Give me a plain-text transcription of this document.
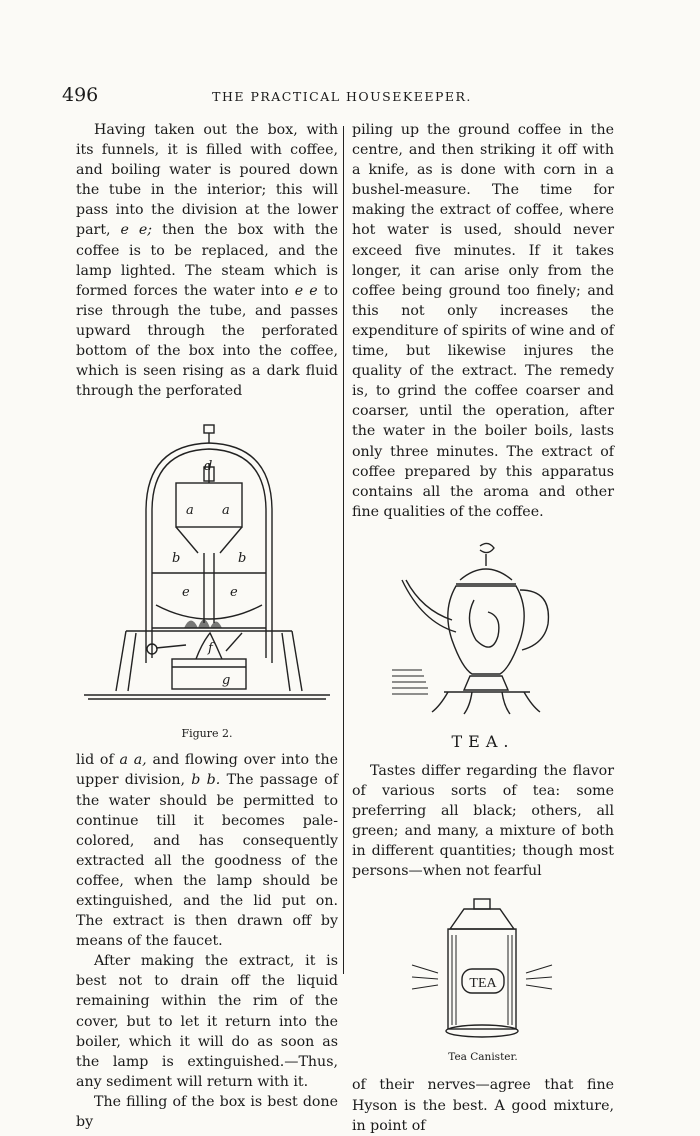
496	THE PRACTICAL HOUSEKEEPER.

Having taken out the box, with its funnels, it is filled with coffee, and boiling water is poured down the tube in the interior; this will pass into the division at the lower part, e e; then the box with the coffee is to be replaced, and the lamp lighted. The steam which is formed forces the water into e e to rise through the tube, and passes upward through the perforated bottom of the box into the coffee, which is seen rising as a dark fluid through the perforated

d
a a
b	b
e	e
f
g
Figure 2.

lid of a a, and flowing over into the upper division, b b. The passage of the water should be permitted to continue till it becomes pale-colored, and has consequently extracted all the goodness of the coffee, when the lamp should be extinguished, and the lid put on. The extract is then drawn off by means of the faucet.

After making the extract, it is best not to drain off the liquid remaining within the rim of the cover, but to let it return into the boiler, which it will do as soon as the lamp is extinguished.—Thus, any sediment will return with it.

The filling of the box is best done by

piling up the ground coffee in the centre, and then striking it off with a knife, as is done with corn in a bushel-measure. The time for making the extract of coffee, where hot water is used, should never exceed five minutes. If it takes longer, it can arise only from the coffee being ground too finely; and this not only increases the expenditure of spirits of wine and of time, but likewise injures the quality of the extract. The remedy is, to grind the coffee coarser and coarser, until the operation, after the water in the boiler boils, lasts only three minutes. The extract of coffee prepared by this apparatus contains all the aroma and other fine qualities of the coffee.

TEA.

Tastes differ regarding the flavor of various sorts of tea: some preferring all black; others, all green; and many, a mixture of both in different quantities; though most persons—when not fearful

TEA
Tea Canister.

of their nerves—agree that fine Hyson is the best. A good mixture, in point of
